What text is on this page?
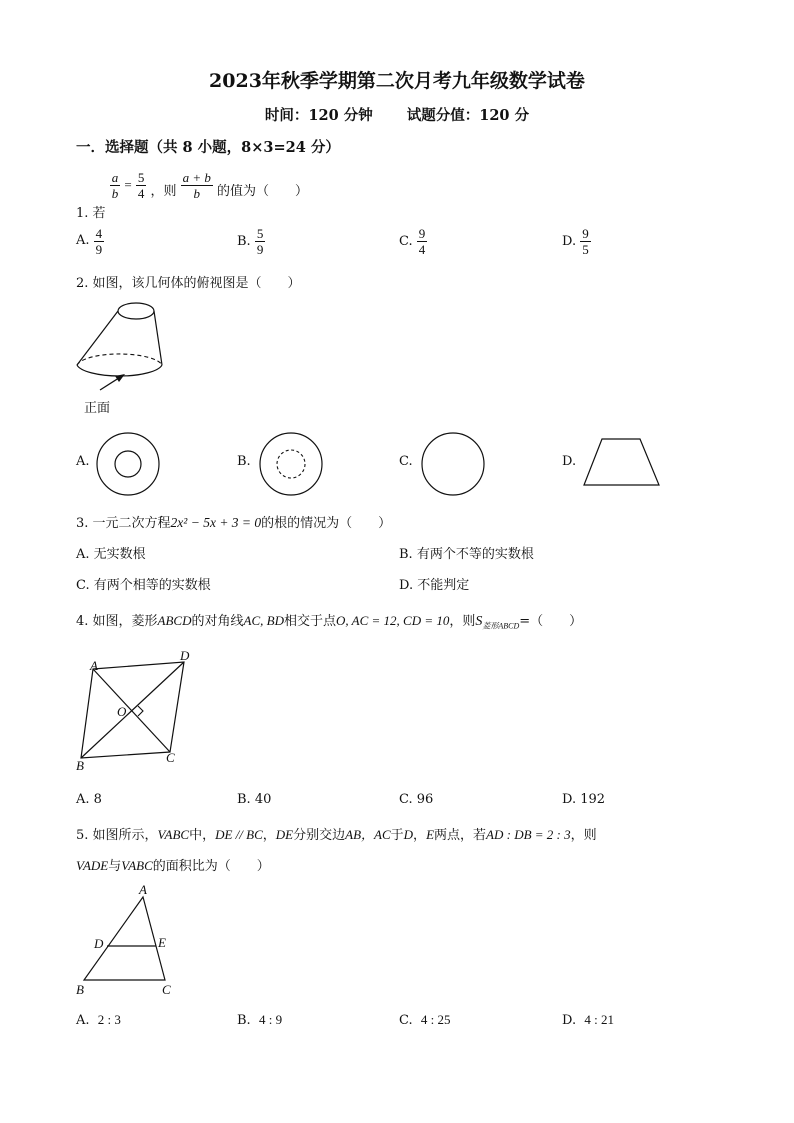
2023年秋季学期第二次月考九年级数学试卷
时间：120 分钟 试题分值：120 分
一．选择题（共 8 小题，8×3=24 分）
1. 若
$\frac{a}{b} = \frac{5}{4}$ ，则 $\frac{a + b}{b}$ 的值为（　　）
A. $\frac{4}{9}$	B. $\frac{5}{9}$	C. $\frac{9}{4}$	D. $\frac{9}{5}$
2. 如图，该几何体的俯视图是（　　）
正面
A.	B.	C.	D.
3. 一元二次方程2x² − 5x + 3 = 0的根的情况为（　　）
A. 无实数根	B. 有两个不等的实数根
C. 有两个相等的实数根	D. 不能判定
4. 如图，菱形ABCD的对角线AC, BD相交于点O, AC = 12, CD = 10，则$S_{菱形ABCD}=$（　　）
A
D
O
B
C
A. 8	B. 40	C. 96	D. 192
5. 如图所示，VABC中，DE // BC，DE分别交边AB，AC于D，E两点，若AD : DB = 2 : 3，则
VADE与VABC的面积比为（　　）
A
D	E
B	C
A. 2 : 3	B. 4 : 9	C. 4 : 25	D. 4 : 21
